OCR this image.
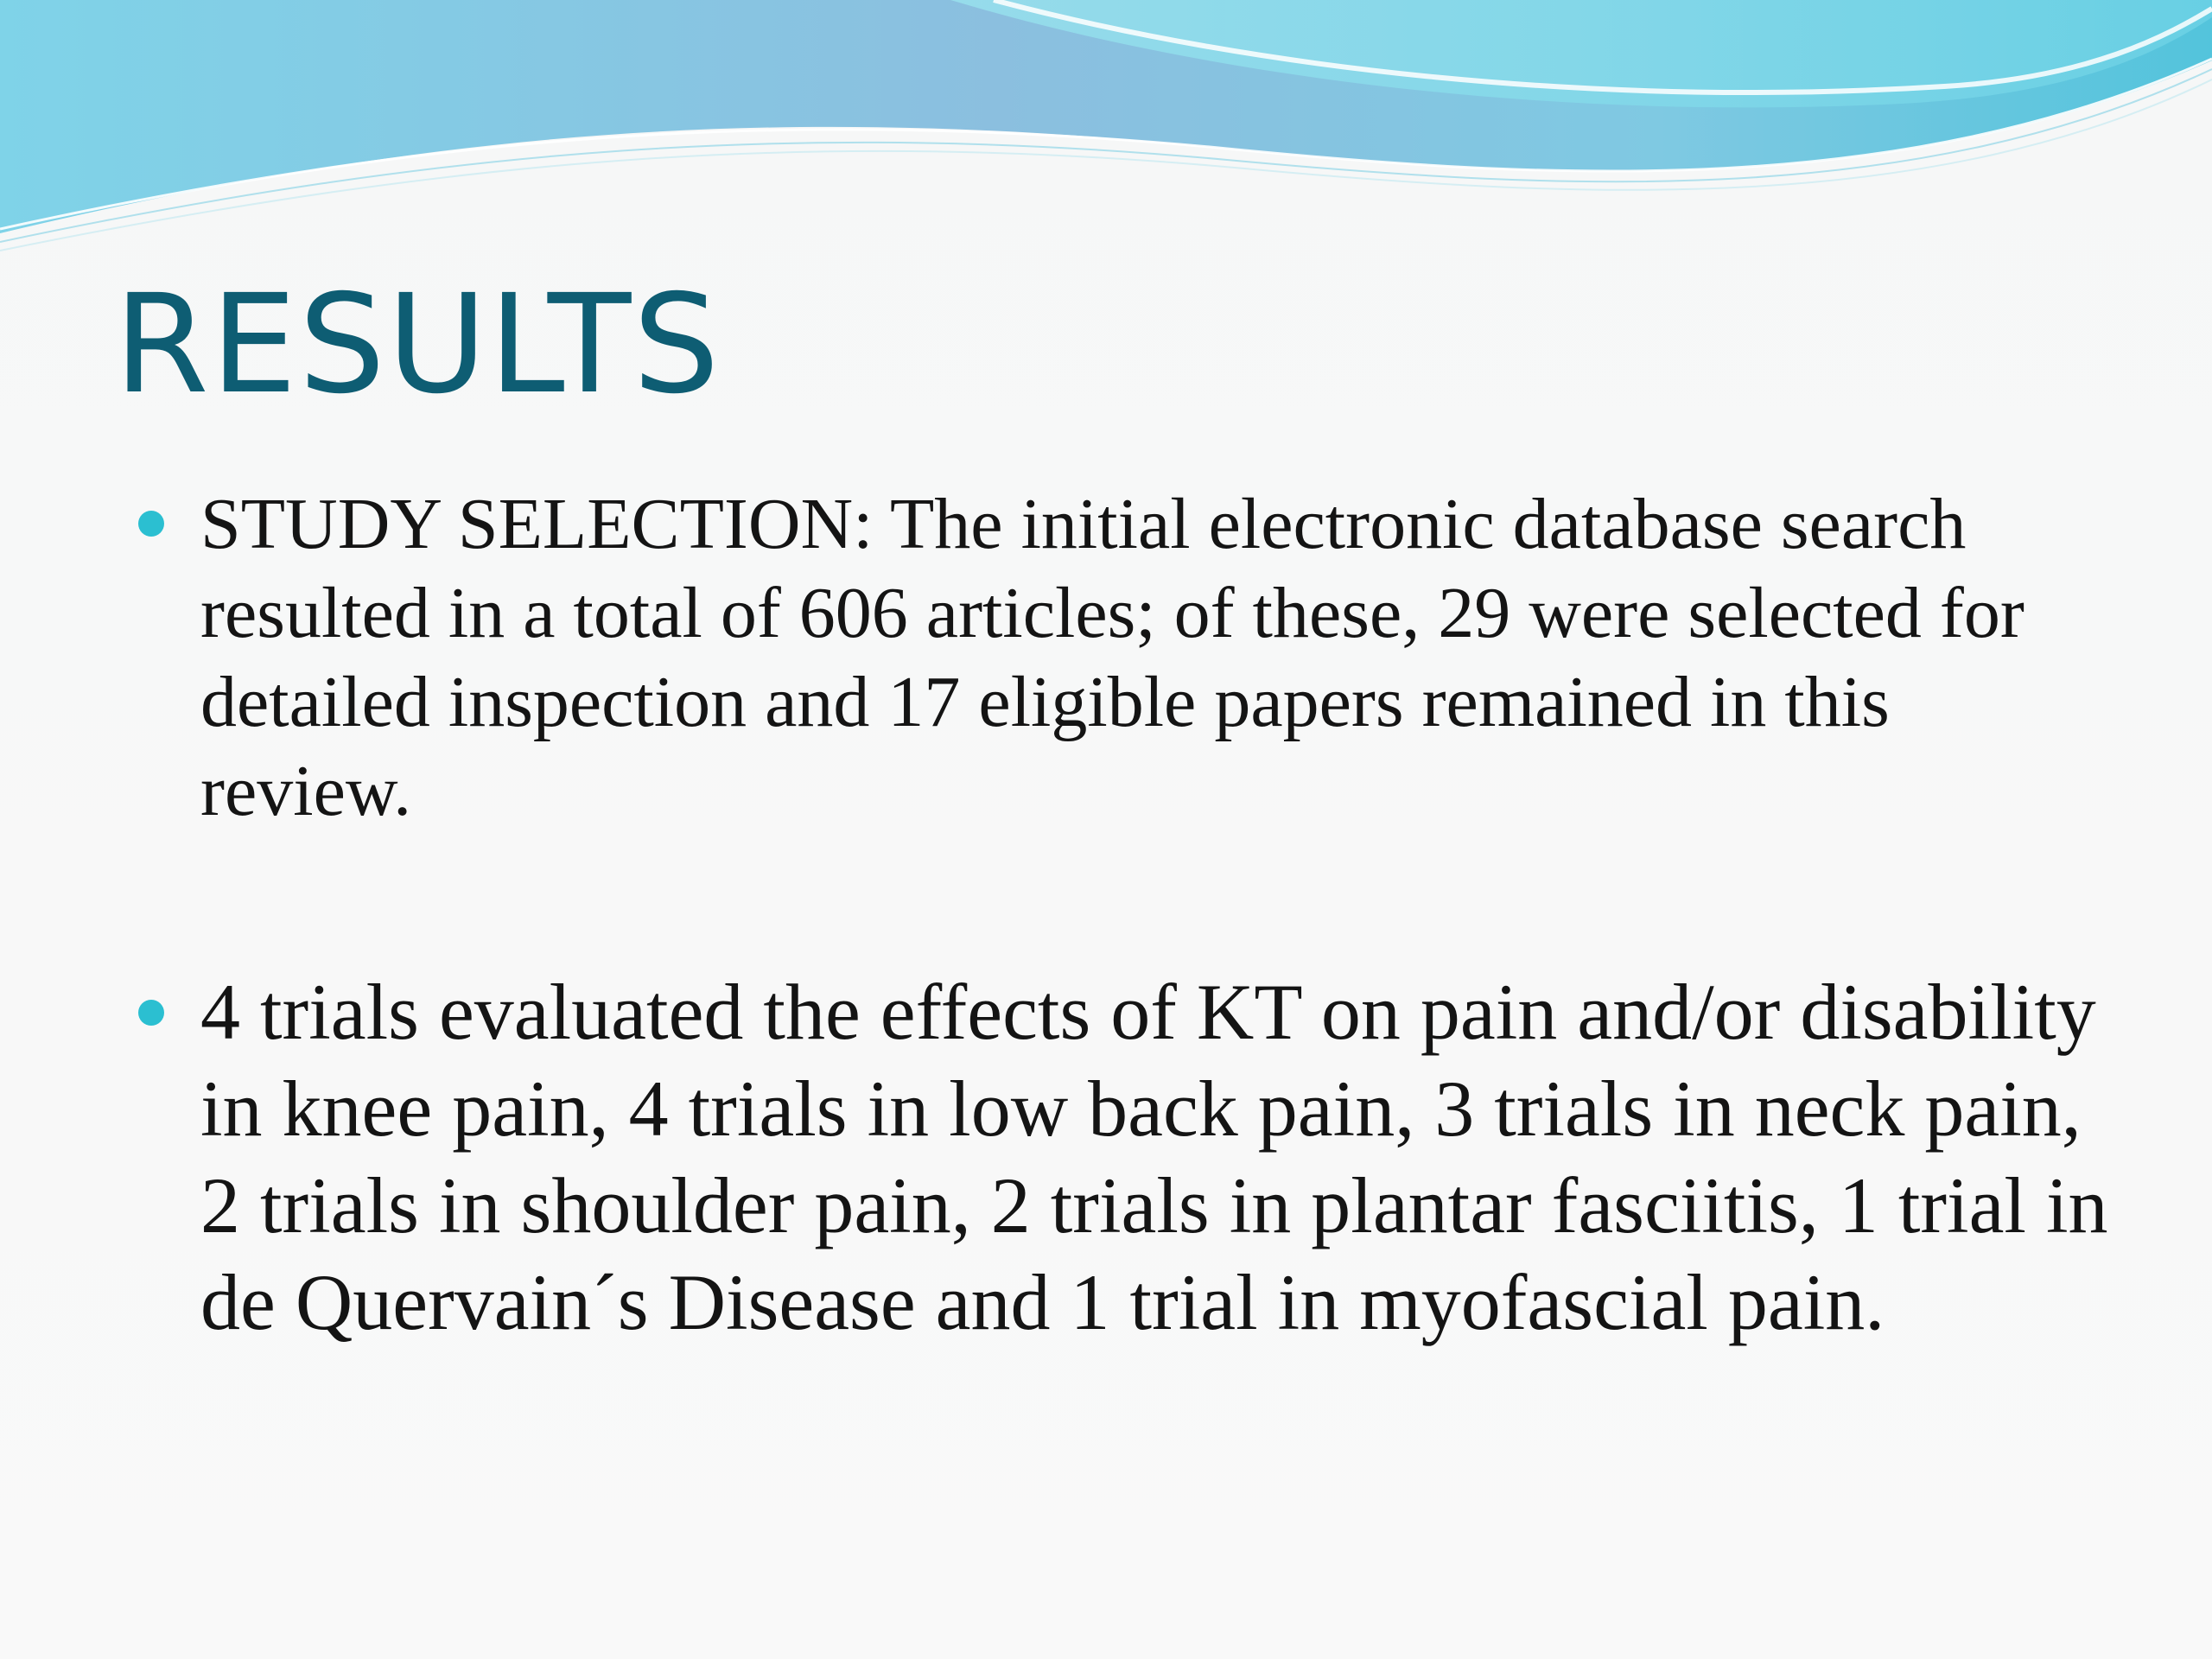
RESULTS
STUDY SELECTION: The initial electronic database search resulted in a total of 606 articles; of these, 29 were selected for detailed inspection and 17 eligible papers remained in this review.
4 trials evaluated the effects of KT on pain and/or disability in knee pain, 4 trials in low back pain, 3 trials in neck pain, 2 trials in shoulder pain, 2 trials in plantar fasciitis, 1 trial in de Quervain´s Disease and 1 trial in myofascial pain.
